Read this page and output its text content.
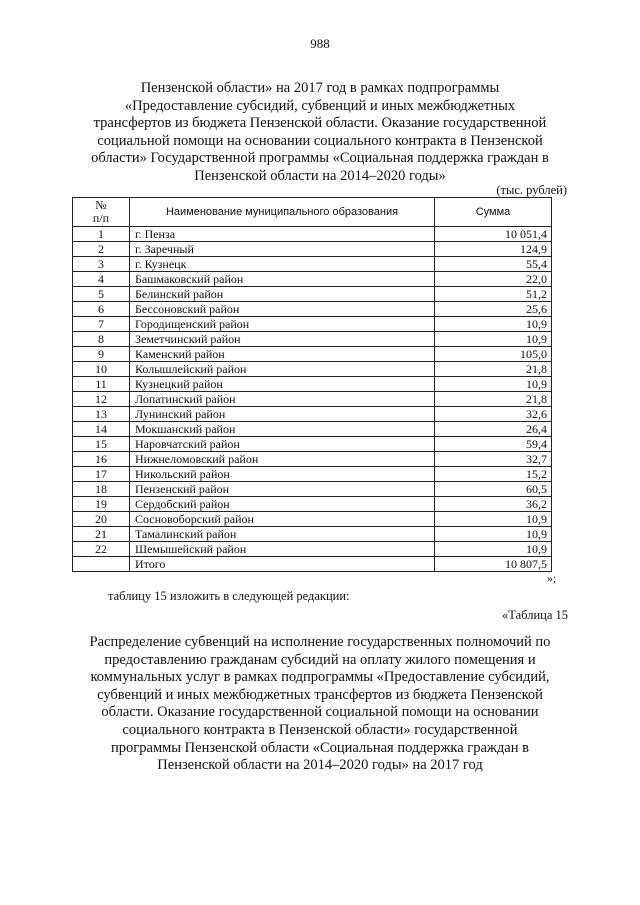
988
Пензенской области» на 2017 год в рамках подпрограммы
«Предоставление субсидий, субвенций и иных межбюджетных
трансфертов из бюджета Пензенской области. Оказание государственной
социальной помощи на основании социального контракта в Пензенской
области» Государственной программы «Социальная поддержка граждан в
Пензенской области на 2014–2020 годы»
(тыс. рублей)
№
п/п	Наименование муниципального образования	Сумма
1	г. Пенза	10 051,4
2	г. Заречный	124,9
3	г. Кузнецк	55,4
4	Башмаковский район	22,0
5	Белинский район	51,2
6	Бессоновский район	25,6
7	Городищенский район	10,9
8	Земетчинский район	10,9
9	Каменский район	105,0
10	Колышлейский район	21,8
11	Кузнецкий район	10,9
12	Лопатинский район	21,8
13	Лунинский район	32,6
14	Мокшанский район	26,4
15	Наровчатский район	59,4
16	Нижнеломовский район	32,7
17	Никольский район	15,2
18	Пензенский район	60,5
19	Сердобский район	36,2
20	Сосновоборский район	10,9
21	Тамалинский район	10,9
22	Шемышейский район	10,9
	Итого	10 807,5
»;
таблицу 15 изложить в следующей редакции:
«Таблица 15
Распределение субвенций на исполнение государственных полномочий по
предоставлению гражданам субсидий на оплату жилого помещения и
коммунальных услуг в рамках подпрограммы «Предоставление субсидий,
субвенций и иных межбюджетных трансфертов из бюджета Пензенской
области. Оказание государственной социальной помощи на основании
социального контракта в Пензенской области» государственной
программы Пензенской области «Социальная поддержка граждан в
Пензенской области на 2014–2020 годы» на 2017 год
